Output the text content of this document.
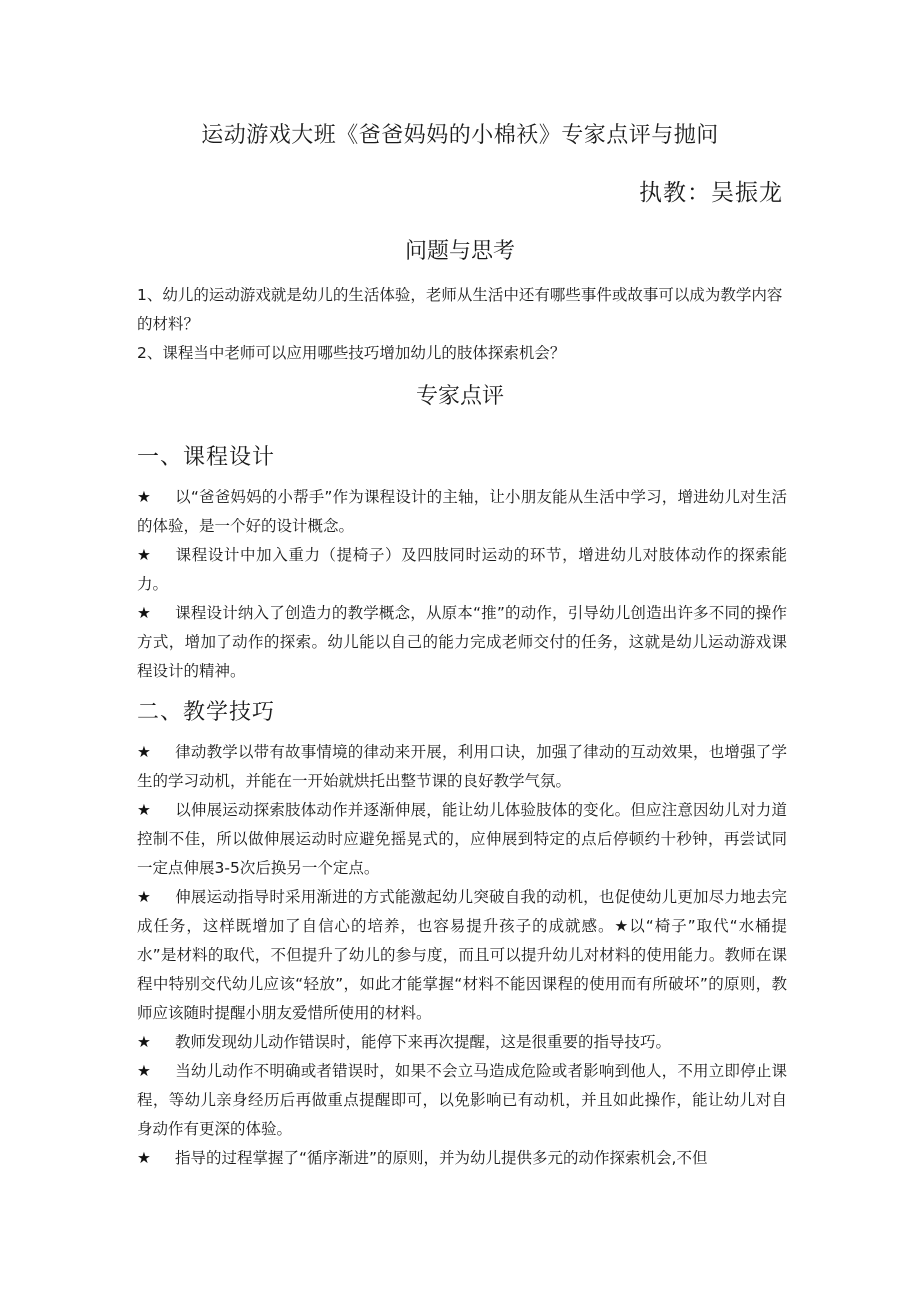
运动游戏大班《爸爸妈妈的小棉袄》专家点评与抛问
执教：吴振龙
问题与思考
1、幼儿的运动游戏就是幼儿的生活体验，老师从生活中还有哪些事件或故事可以成为教学内容的材料？
2、课程当中老师可以应用哪些技巧增加幼儿的肢体探索机会？
专家点评
一、课程设计

★ 以“爸爸妈妈的小帮手”作为课程设计的主轴，让小朋友能从生活中学习，增进幼儿对生活的体验，是一个好的设计概念。

★ 课程设计中加入重力（提椅子）及四肢同时运动的环节，增进幼儿对肢体动作的探索能力。

★ 课程设计纳入了创造力的教学概念，从原本“推”的动作，引导幼儿创造出许多不同的操作方式，增加了动作的探索。幼儿能以自己的能力完成老师交付的任务，这就是幼儿运动游戏课程设计的精神。

二、教学技巧

★ 律动教学以带有故事情境的律动来开展，利用口诀，加强了律动的互动效果，也增强了学生的学习动机，并能在一开始就烘托出整节课的良好教学气氛。

★ 以伸展运动探索肢体动作并逐渐伸展，能让幼儿体验肢体的变化。但应注意因幼儿对力道控制不佳，所以做伸展运动时应避免摇晃式的，应伸展到特定的点后停顿约十秒钟，再尝试同一定点伸展3-5次后换另一个定点。

★ 伸展运动指导时采用渐进的方式能激起幼儿突破自我的动机，也促使幼儿更加尽力地去完成任务，这样既增加了自信心的培养，也容易提升孩子的成就感。★以“椅子”取代“水桶提水”是材料的取代，不但提升了幼儿的参与度，而且可以提升幼儿对材料的使用能力。教师在课程中特别交代幼儿应该“轻放”，如此才能掌握“材料不能因课程的使用而有所破坏”的原则，教师应该随时提醒小朋友爱惜所使用的材料。

★ 教师发现幼儿动作错误时，能停下来再次提醒，这是很重要的指导技巧。

★ 当幼儿动作不明确或者错误时，如果不会立马造成危险或者影响到他人，不用立即停止课程，等幼儿亲身经历后再做重点提醒即可，以免影响已有动机，并且如此操作，能让幼儿对自身动作有更深的体验。

★ 指导的过程掌握了“循序渐进”的原则，并为幼儿提供多元的动作探索机会,不但
